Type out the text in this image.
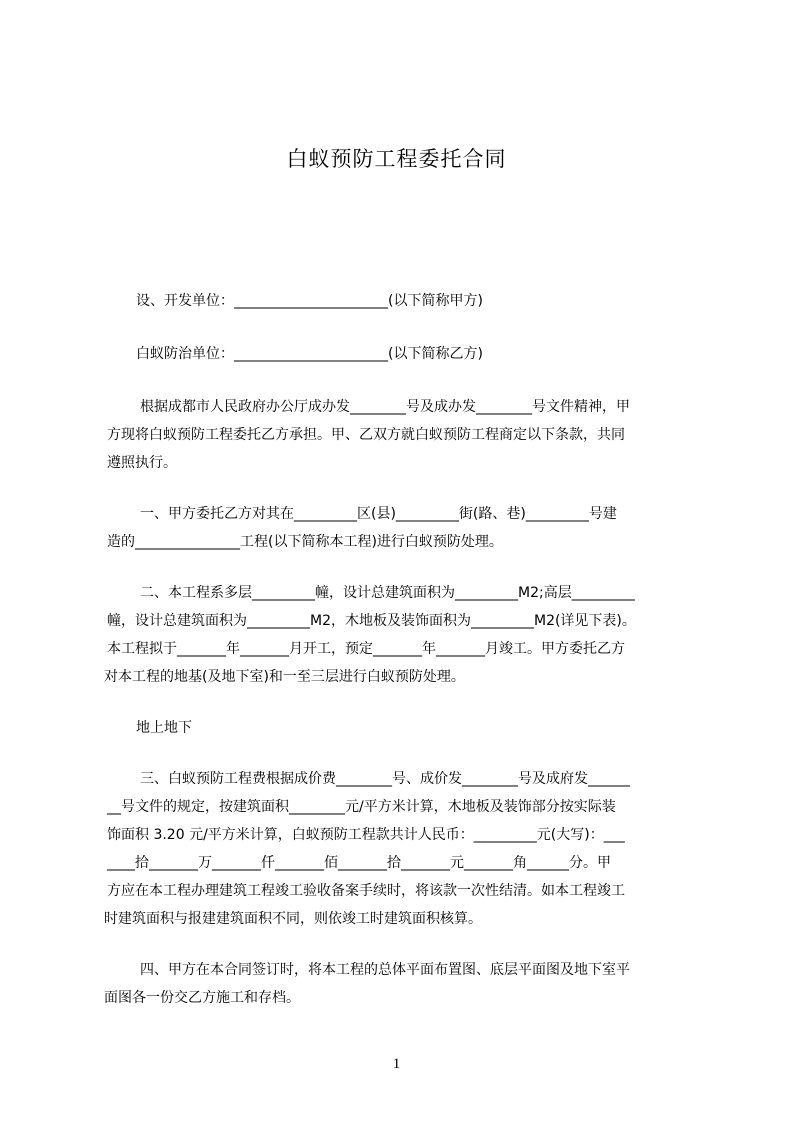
白蚁预防工程委托合同
设、开发单位：______________________(以下简称甲方)
白蚁防治单位：______________________(以下简称乙方)
根据成都市人民政府办公厅成办发________号及成办发________号文件精神，甲
方现将白蚁预防工程委托乙方承担。甲、乙双方就白蚁预防工程商定以下条款，共同
遵照执行。
一、甲方委托乙方对其在_________区(县)_________街(路、巷)_________号建
造的_______________工程(以下简称本工程)进行白蚁预防处理。
二、本工程系多层_________幢，设计总建筑面积为_________M2;高层_________
幢，设计总建筑面积为_________M2，木地板及装饰面积为_________M2(详见下表)。
本工程拟于_______年_______月开工，预定_______年_______月竣工。甲方委托乙方
对本工程的地基(及地下室)和一至三层进行白蚁预防处理。
地上地下
三、白蚁预防工程费根据成价费________号、成价发________号及成府发______
__号文件的规定，按建筑面积________元/平方米计算，木地板及装饰部分按实际装
饰面积 3.20 元/平方米计算，白蚁预防工程款共计人民币：_________元(大写)：___
____拾_______万_______仟_______佰_______拾_______元_______角______分。甲
方应在本工程办理建筑工程竣工验收备案手续时，将该款一次性结清。如本工程竣工
时建筑面积与报建建筑面积不同，则依竣工时建筑面积核算。
四、甲方在本合同签订时，将本工程的总体平面布置图、底层平面图及地下室平
面图各一份交乙方施工和存档。
1
